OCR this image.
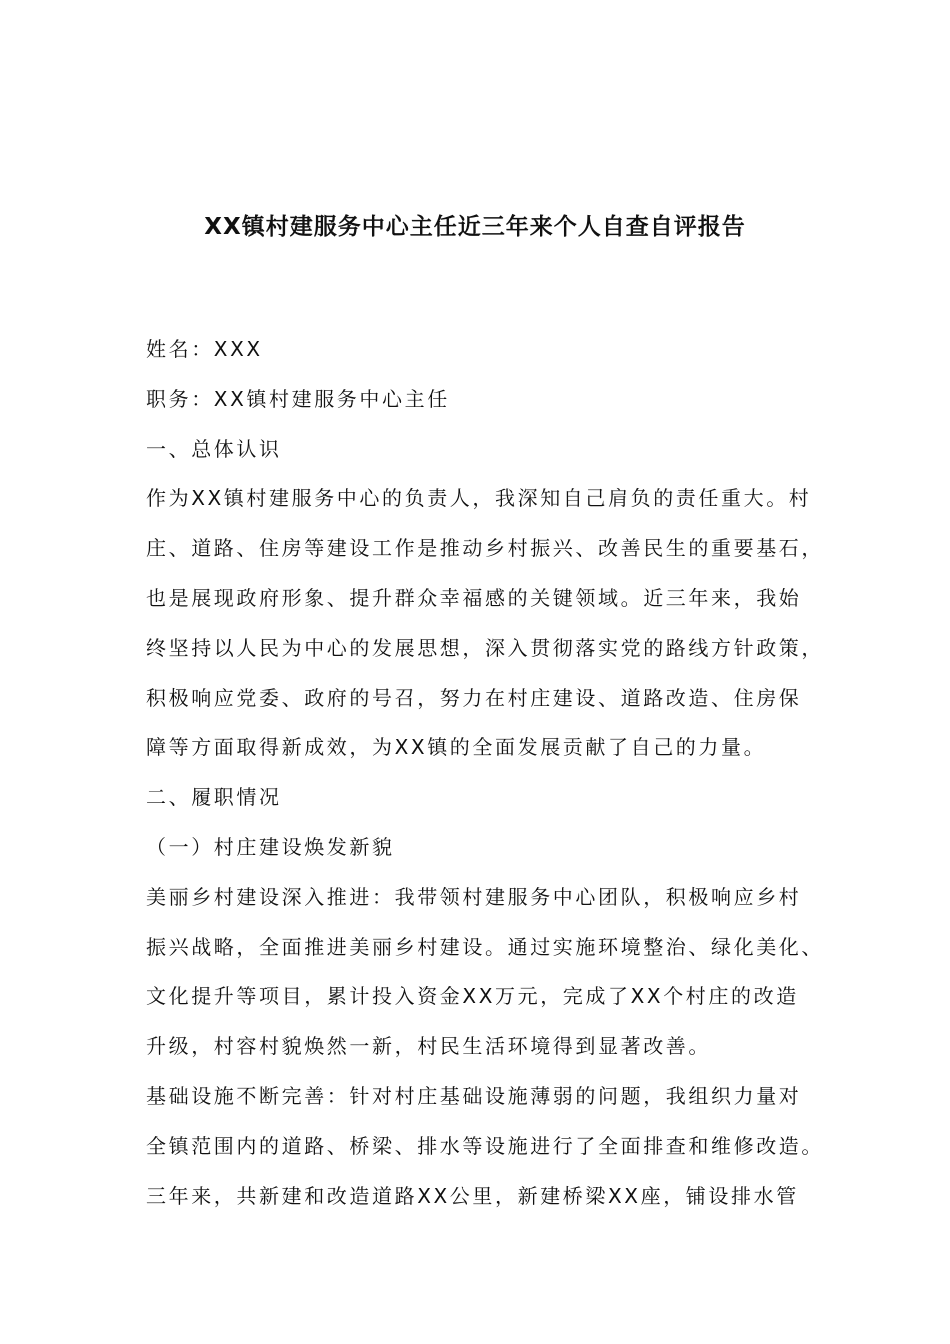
XX镇村建服务中心主任近三年来个人自查自评报告
姓名：XXX
职务：XX镇村建服务中心主任
一、总体认识
作为XX镇村建服务中心的负责人，我深知自己肩负的责任重大。村
庄、道路、住房等建设工作是推动乡村振兴、改善民生的重要基石，
也是展现政府形象、提升群众幸福感的关键领域。近三年来，我始
终坚持以人民为中心的发展思想，深入贯彻落实党的路线方针政策，
积极响应党委、政府的号召，努力在村庄建设、道路改造、住房保
障等方面取得新成效，为XX镇的全面发展贡献了自己的力量。
二、履职情况
（一）村庄建设焕发新貌
美丽乡村建设深入推进：我带领村建服务中心团队，积极响应乡村
振兴战略，全面推进美丽乡村建设。通过实施环境整治、绿化美化、
文化提升等项目，累计投入资金XX万元，完成了XX个村庄的改造
升级，村容村貌焕然一新，村民生活环境得到显著改善。
基础设施不断完善：针对村庄基础设施薄弱的问题，我组织力量对
全镇范围内的道路、桥梁、排水等设施进行了全面排查和维修改造。
三年来，共新建和改造道路XX公里，新建桥梁XX座，铺设排水管
